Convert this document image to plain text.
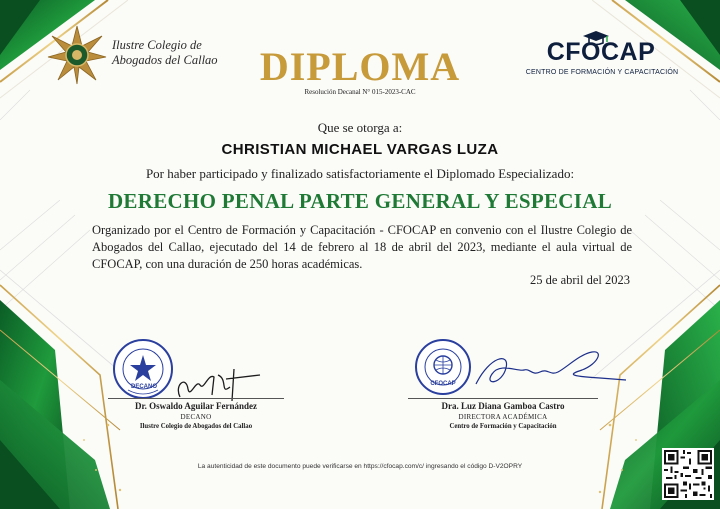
Ilustre Colegio de
Abogados del Callao	DIPLOMA
Resolución Decanal N° 015-2023-CAC
CFOCAP
CENTRO DE FORMACIÓN Y CAPACITACIÓN
Que se otorga a:
CHRISTIAN MICHAEL VARGAS LUZA
Por haber participado y finalizado satisfactoriamente el Diplomado Especializado:
DERECHO PENAL PARTE GENERAL Y ESPECIAL
Organizado por el Centro de Formación y Capacitación - CFOCAP en convenio con el Ilustre Colegio de Abogados del Callao, ejecutado del 14 de febrero al 18 de abril del 2023, mediante el aula virtual de CFOCAP, con una duración de 250 horas académicas.
25 de abril del 2023
DECANO
Dr. Oswaldo Aguilar Fernández
DECANO
Ilustre Colegio de Abogados del Callao
CFOCAP
Dra. Luz Diana Gamboa Castro
DIRECTORA ACADÉMICA
Centro de Formación y Capacitación
La autenticidad de este documento puede verificarse en https://cfocap.com/c/ ingresando el código D-V2OPRY
